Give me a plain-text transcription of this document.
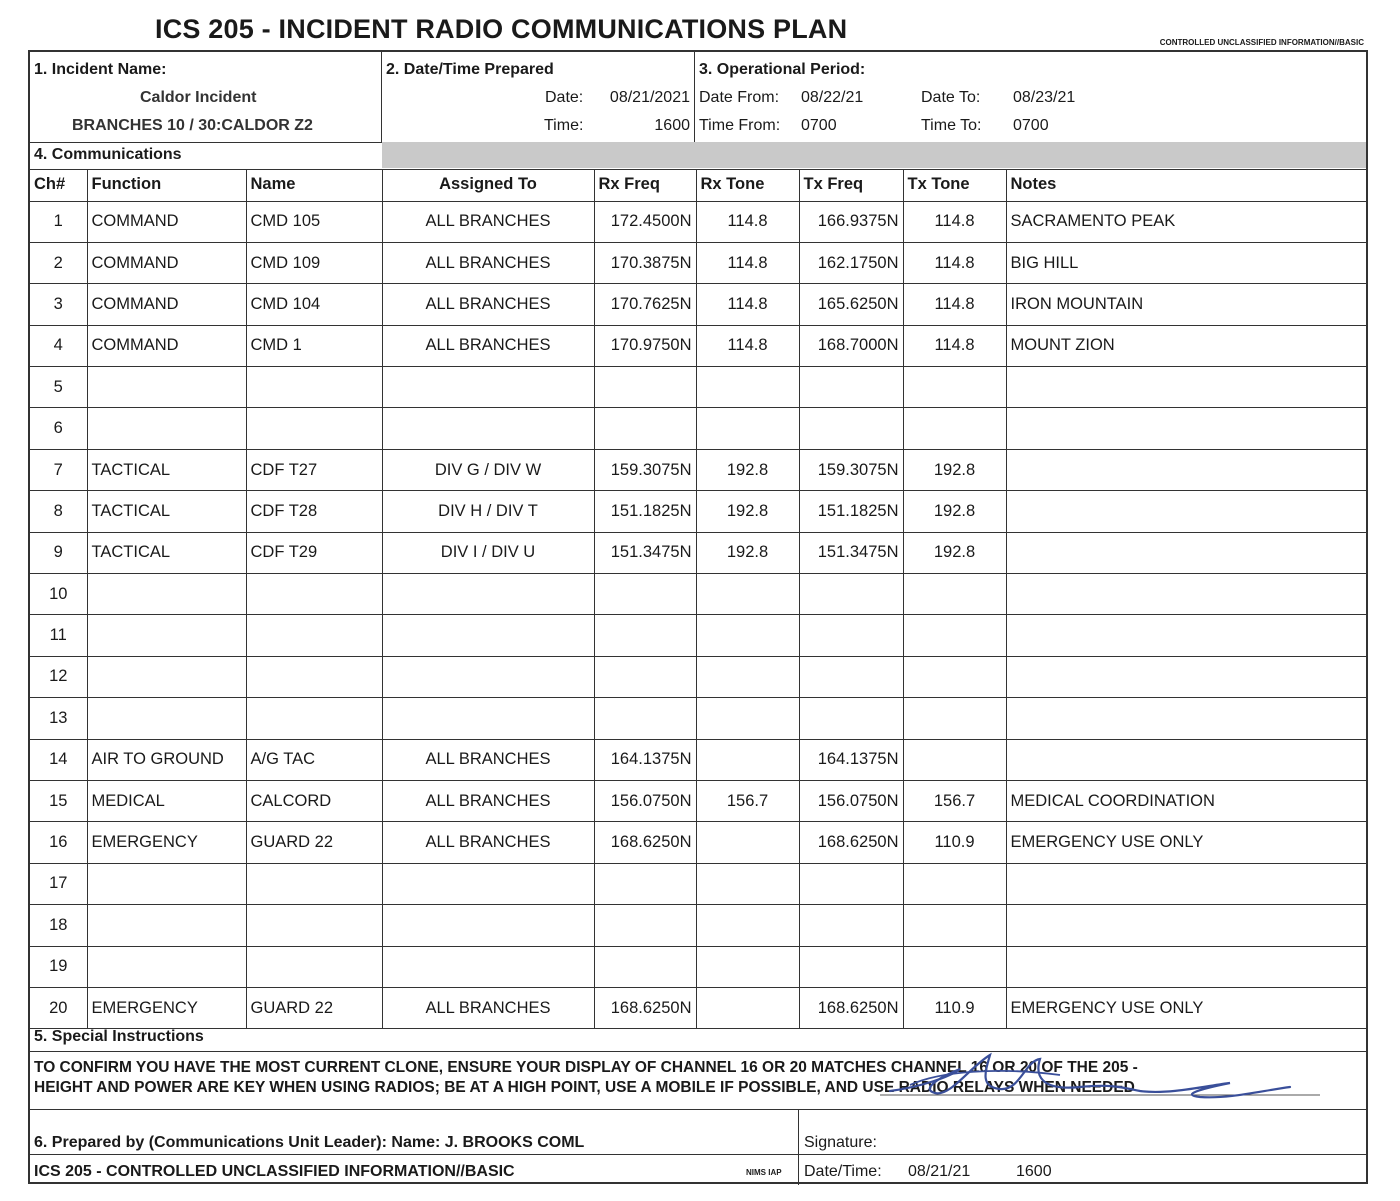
ICS 205 - INCIDENT RADIO COMMUNICATIONS PLAN	CONTROLLED UNCLASSIFIED INFORMATION//BASIC
1. Incident Name:
Caldor Incident
BRANCHES 10 / 30:CALDOR Z2
2. Date/Time Prepared
Date: 08/21/2021
Time:	1600
3. Operational Period:
Date From: 08/22/21	Date To: 08/23/21
Time From: 0700	Time To: 0700
4. Communications
Ch#	Function	Name	Assigned To	Rx Freq	Rx Tone	Tx Freq	Tx Tone	Notes
1	COMMAND	CMD 105	ALL BRANCHES	172.4500N	114.8	166.9375N	114.8	SACRAMENTO PEAK
2	COMMAND	CMD 109	ALL BRANCHES	170.3875N	114.8	162.1750N	114.8	BIG HILL
3	COMMAND	CMD 104	ALL BRANCHES	170.7625N	114.8	165.6250N	114.8	IRON MOUNTAIN
4	COMMAND	CMD 1	ALL BRANCHES	170.9750N	114.8	168.7000N	114.8	MOUNT ZION
5								
6								
7	TACTICAL	CDF T27	DIV G / DIV W	159.3075N	192.8	159.3075N	192.8	
8	TACTICAL	CDF T28	DIV H / DIV T	151.1825N	192.8	151.1825N	192.8	
9	TACTICAL	CDF T29	DIV I / DIV U	151.3475N	192.8	151.3475N	192.8	
10								
11								
12								
13								
14	AIR TO GROUND	A/G TAC	ALL BRANCHES	164.1375N		164.1375N		
15	MEDICAL	CALCORD	ALL BRANCHES	156.0750N	156.7	156.0750N	156.7	MEDICAL COORDINATION
16	EMERGENCY	GUARD 22	ALL BRANCHES	168.6250N		168.6250N	110.9	EMERGENCY USE ONLY
17								
18								
19								
20	EMERGENCY	GUARD 22	ALL BRANCHES	168.6250N		168.6250N	110.9	EMERGENCY USE ONLY
5. Special Instructions
TO CONFIRM YOU HAVE THE MOST CURRENT CLONE, ENSURE YOUR DISPLAY OF CHANNEL 16 OR 20 MATCHES CHANNEL 16 OR 20 OF THE 205 -
HEIGHT AND POWER ARE KEY WHEN USING RADIOS; BE AT A HIGH POINT, USE A MOBILE IF POSSIBLE, AND USE RADIO RELAYS WHEN NEEDED
6. Prepared by (Communications Unit Leader): Name: J. BROOKS COML	Signature:
ICS 205 - CONTROLLED UNCLASSIFIED INFORMATION//BASIC	NIMS IAP Date/Time: 08/21/21	1600
